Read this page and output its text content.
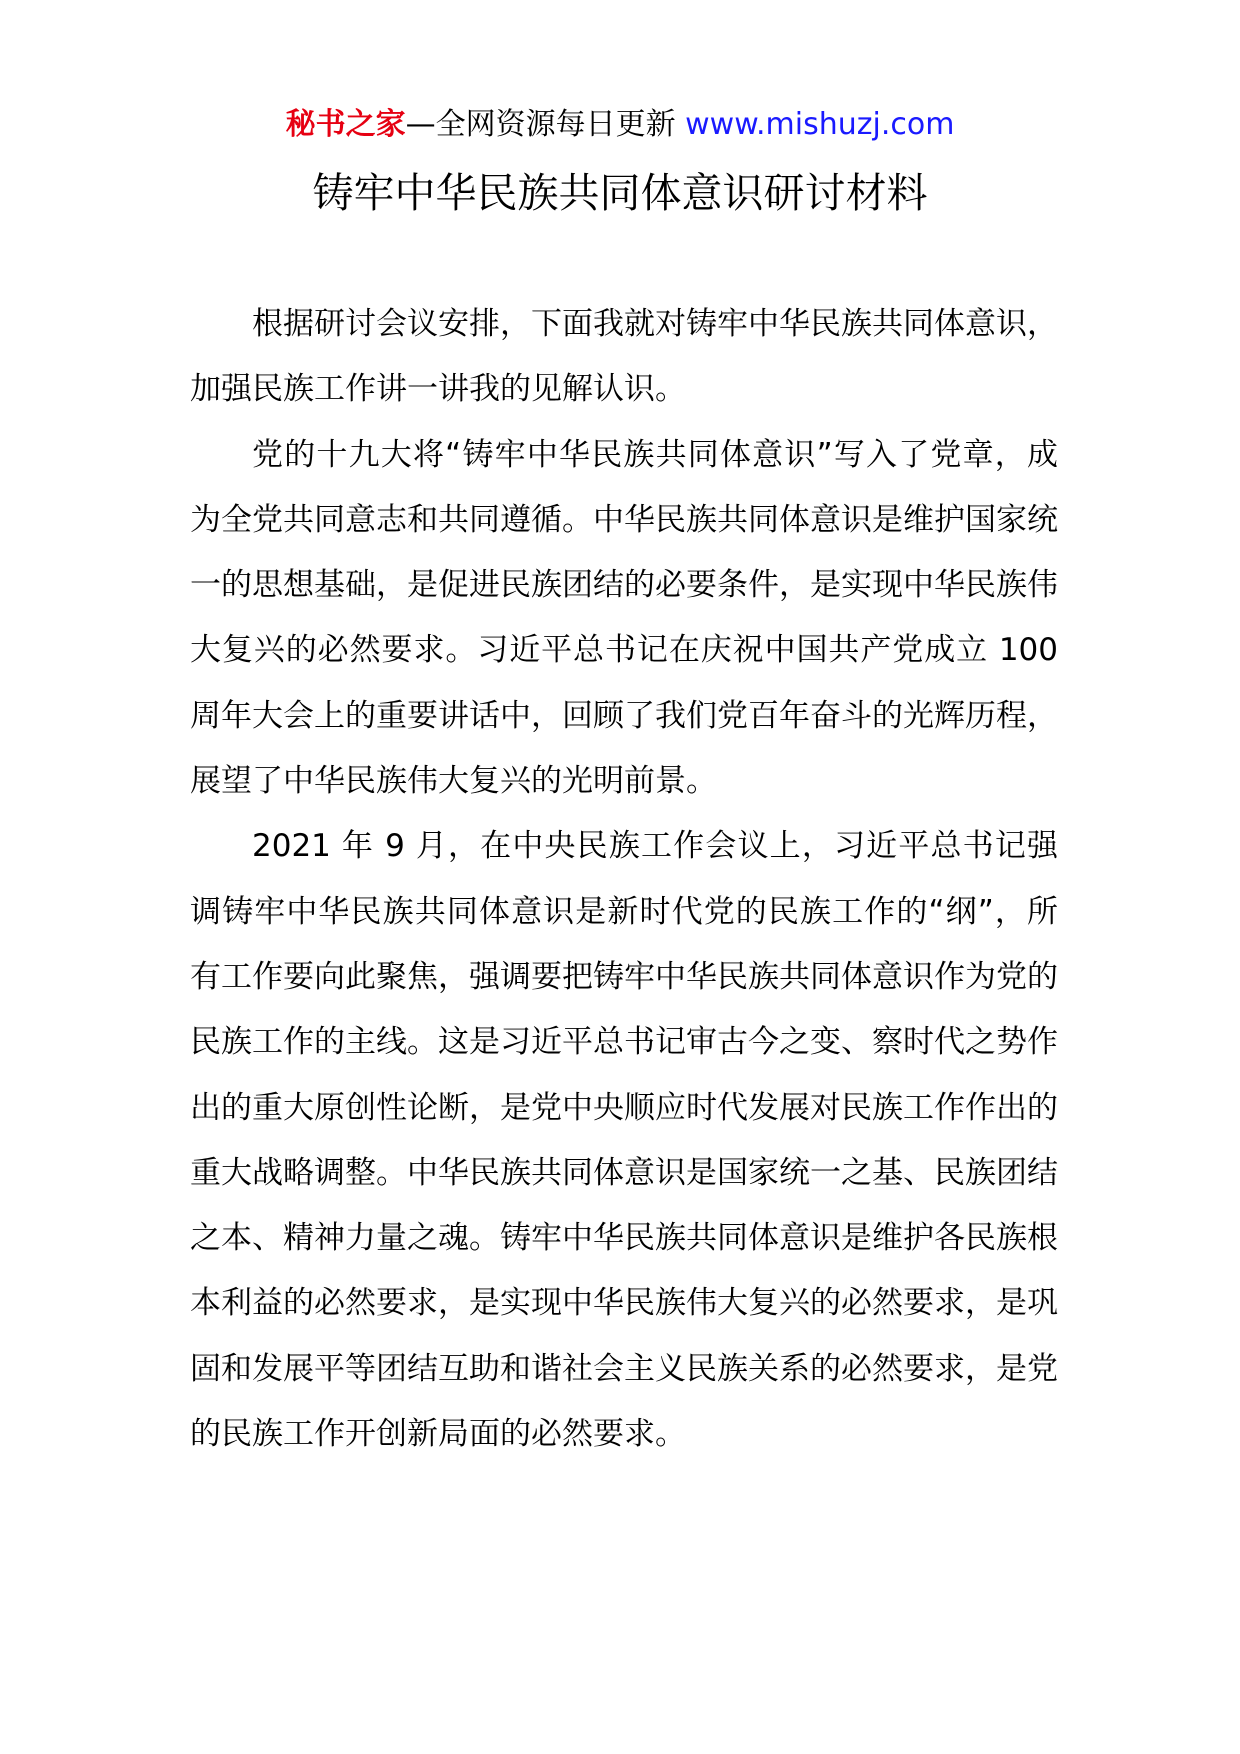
秘书之家—全网资源每日更新 www.mishuzj.com
铸牢中华民族共同体意识研讨材料

根据研讨会议安排，下面我就对铸牢中华民族共同体意识，加强民族工作讲一讲我的见解认识。

党的十九大将“铸牢中华民族共同体意识”写入了党章，成为全党共同意志和共同遵循。中华民族共同体意识是维护国家统一的思想基础，是促进民族团结的必要条件，是实现中华民族伟大复兴的必然要求。习近平总书记在庆祝中国共产党成立 100 周年大会上的重要讲话中，回顾了我们党百年奋斗的光辉历程，展望了中华民族伟大复兴的光明前景。

2021 年 9 月，在中央民族工作会议上，习近平总书记强调铸牢中华民族共同体意识是新时代党的民族工作的“纲”，所有工作要向此聚焦，强调要把铸牢中华民族共同体意识作为党的民族工作的主线。这是习近平总书记审古今之变、察时代之势作出的重大原创性论断，是党中央顺应时代发展对民族工作作出的重大战略调整。中华民族共同体意识是国家统一之基、民族团结之本、精神力量之魂。铸牢中华民族共同体意识是维护各民族根本利益的必然要求，是实现中华民族伟大复兴的必然要求，是巩固和发展平等团结互助和谐社会主义民族关系的必然要求，是党的民族工作开创新局面的必然要求。
